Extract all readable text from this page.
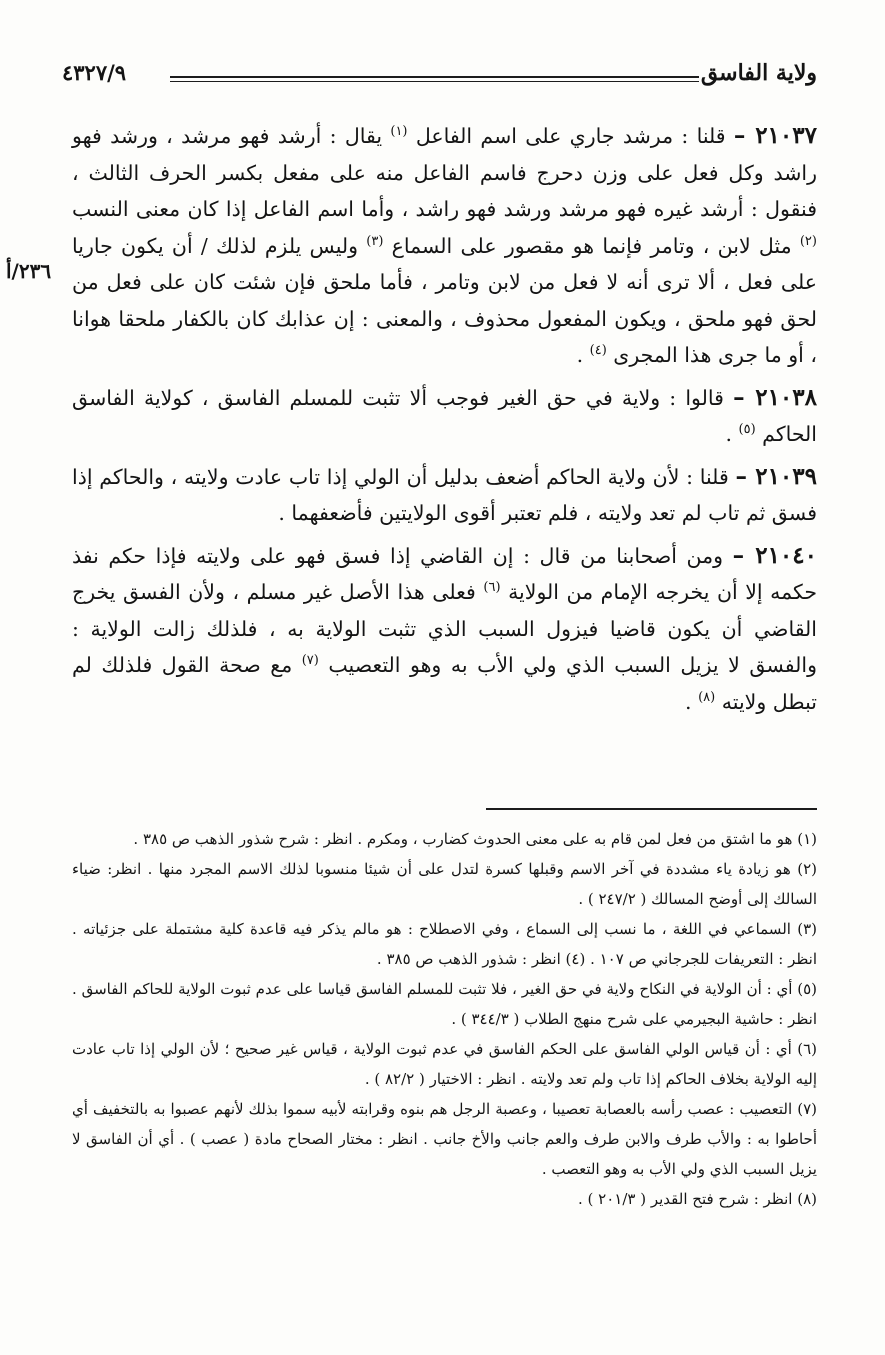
ولاية الفاسق
٤٣٢٧/٩
٢٣٦/أ

٢١٠٣٧ – قلنا : مرشد جاري على اسم الفاعل $^{(١)}$ يقال : أرشد فهو مرشد ، ورشد فهو راشد وكل فعل على وزن دحرج فاسم الفاعل منه على مفعل بكسر الحرف الثالث ، فنقول : أرشد غيره فهو مرشد ورشد فهو راشد ، وأما اسم الفاعل إذا كان معنى النسب $^{(٢)}$ مثل لابن ، وتامر فإنما هو مقصور على السماع $^{(٣)}$ وليس يلزم لذلك / أن يكون جاريا على فعل ، ألا ترى أنه لا فعل من لابن وتامر ، فأما ملحق فإن شئت كان على فعل من لحق فهو ملحق ، ويكون المفعول محذوف ، والمعنى : إن عذابك كان بالكفار ملحقا هوانا ، أو ما جرى هذا المجرى $^{(٤)}$ .

٢١٠٣٨ – قالوا : ولاية في حق الغير فوجب ألا تثبت للمسلم الفاسق ، كولاية الفاسق الحاكم $^{(٥)}$ .

٢١٠٣٩ – قلنا : لأن ولاية الحاكم أضعف بدليل أن الولي إذا تاب عادت ولايته ، والحاكم إذا فسق ثم تاب لم تعد ولايته ، فلم تعتبر أقوى الولايتين فأضعفهما .

٢١٠٤٠ – ومن أصحابنا من قال : إن القاضي إذا فسق فهو على ولايته فإذا حكم نفذ حكمه إلا أن يخرجه الإمام من الولاية $^{(٦)}$ فعلى هذا الأصل غير مسلم ، ولأن الفسق يخرج القاضي أن يكون قاضيا فيزول السبب الذي تثبت الولاية به ، فلذلك زالت الولاية : والفسق لا يزيل السبب الذي ولي الأب به وهو التعصيب $^{(٧)}$ مع صحة القول فلذلك لم تبطل ولايته $^{(٨)}$ .

(١) هو ما اشتق من فعل لمن قام به على معنى الحدوث كضارب ، ومكرم . انظر : شرح شذور الذهب ص ٣٨٥ .

(٢) هو زيادة ياء مشددة في آخر الاسم وقبلها كسرة لتدل على أن شيئا منسوبا لذلك الاسم المجرد منها . انظر: ضياء السالك إلى أوضح المسالك ( ٢٤٧/٢ ) .

(٣) السماعي في اللغة ، ما نسب إلى السماع ، وفي الاصطلاح : هو مالم يذكر فيه قاعدة كلية مشتملة على جزئياته . انظر : التعريفات للجرجاني ص ١٠٧ . (٤) انظر : شذور الذهب ص ٣٨٥ .

(٥) أي : أن الولاية في النكاح ولاية في حق الغير ، فلا تثبت للمسلم الفاسق قياسا على عدم ثبوت الولاية للحاكم الفاسق . انظر : حاشية البجيرمي على شرح منهج الطلاب ( ٣٤٤/٣ ) .

(٦) أي : أن قياس الولي الفاسق على الحكم الفاسق في عدم ثبوت الولاية ، قياس غير صحيح ؛ لأن الولي إذا تاب عادت إليه الولاية بخلاف الحاكم إذا تاب ولم تعد ولايته . انظر : الاختيار ( ٨٢/٢ ) .

(٧) التعصيب : عصب رأسه بالعصابة تعصيبا ، وعصبة الرجل هم بنوه وقرابته لأبيه سموا بذلك لأنهم عصبوا به بالتخفيف أي أحاطوا به : والأب طرف والابن طرف والعم جانب والأخ جانب . انظر : مختار الصحاح مادة ( عصب ) . أي أن الفاسق لا يزيل السبب الذي ولي الأب به وهو التعصب .

(٨) انظر : شرح فتح القدير ( ٢٠١/٣ ) .
